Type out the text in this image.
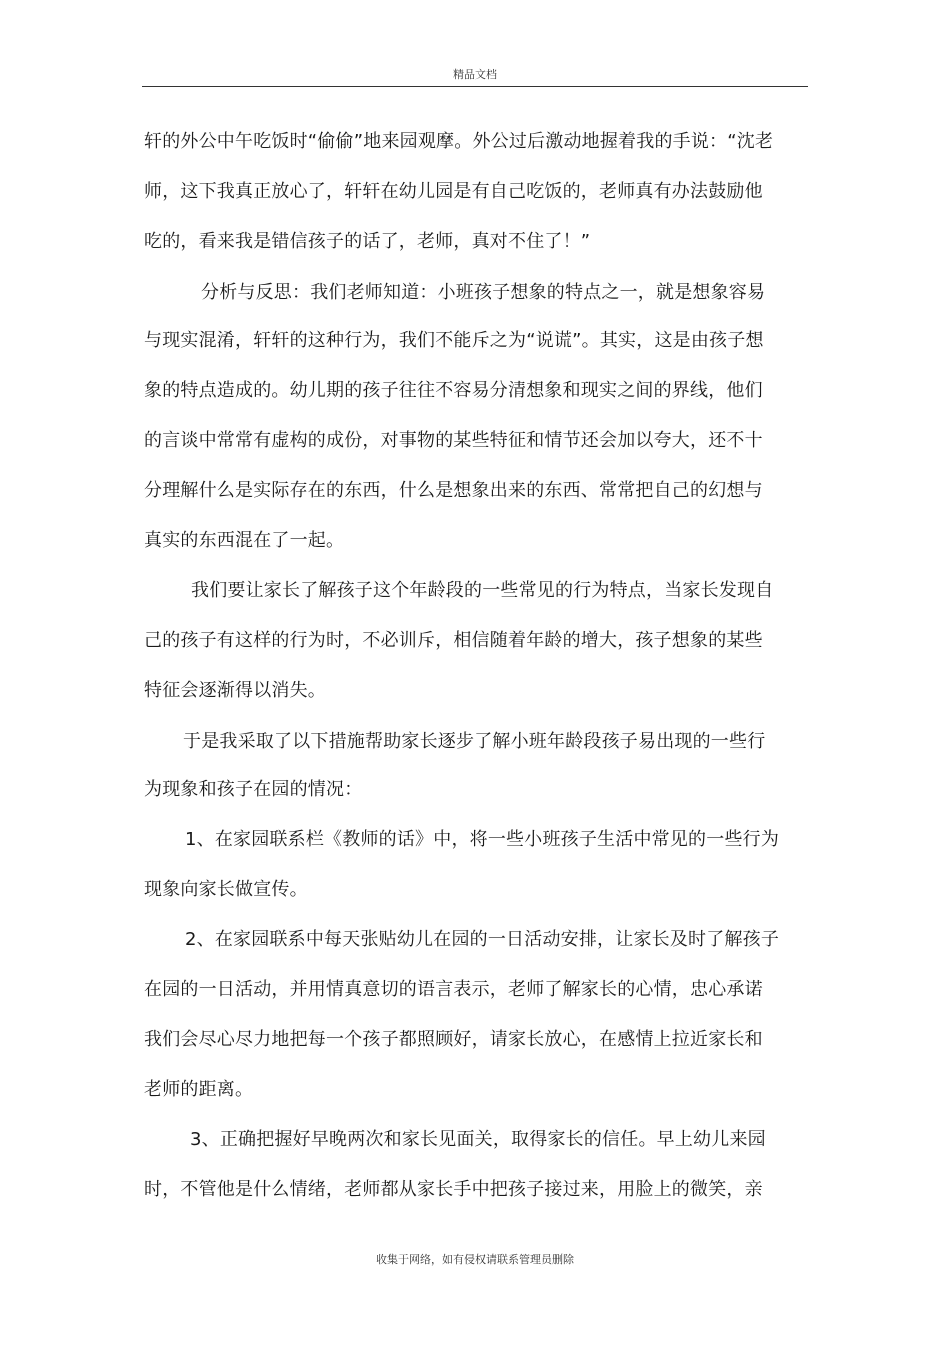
精品文档
轩的外公中午吃饭时“偷偷”地来园观摩。外公过后激动地握着我的手说：“沈老
师，这下我真正放心了，轩轩在幼儿园是有自己吃饭的，老师真有办法鼓励他
吃的，看来我是错信孩子的话了，老师，真对不住了！”
分析与反思：我们老师知道：小班孩子想象的特点之一，就是想象容易
与现实混淆，轩轩的这种行为，我们不能斥之为“说谎”。其实，这是由孩子想
象的特点造成的。幼儿期的孩子往往不容易分清想象和现实之间的界线，他们
的言谈中常常有虚构的成份，对事物的某些特征和情节还会加以夸大，还不十
分理解什么是实际存在的东西，什么是想象出来的东西、常常把自己的幻想与
真实的东西混在了一起。
我们要让家长了解孩子这个年龄段的一些常见的行为特点，当家长发现自
己的孩子有这样的行为时，不必训斥，相信随着年龄的增大，孩子想象的某些
特征会逐渐得以消失。
于是我采取了以下措施帮助家长逐步了解小班年龄段孩子易出现的一些行
为现象和孩子在园的情况：
1、在家园联系栏《教师的话》中，将一些小班孩子生活中常见的一些行为
现象向家长做宣传。
2、在家园联系中每天张贴幼儿在园的一日活动安排，让家长及时了解孩子
在园的一日活动，并用情真意切的语言表示，老师了解家长的心情，忠心承诺
我们会尽心尽力地把每一个孩子都照顾好，请家长放心，在感情上拉近家长和
老师的距离。
3、正确把握好早晚两次和家长见面关，取得家长的信任。早上幼儿来园
时，不管他是什么情绪，老师都从家长手中把孩子接过来，用脸上的微笑，亲
收集于网络，如有侵权请联系管理员删除
